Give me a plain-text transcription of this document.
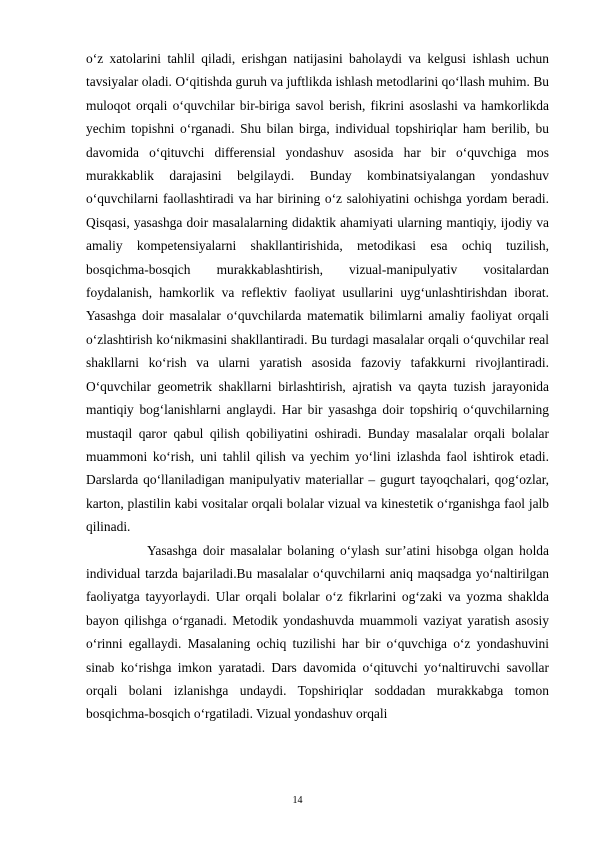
o‘z xatolarini tahlil qiladi, erishgan natijasini baholaydi va kelgusi ishlash uchun tavsiyalar oladi. O‘qitishda guruh va juftlikda ishlash metodlarini qo‘llash muhim. Bu muloqot orqali o‘quvchilar bir-biriga savol berish, fikrini asoslashi va hamkorlikda yechim topishni o‘rganadi. Shu bilan birga, individual topshiriqlar ham berilib, bu davomida o‘qituvchi differensial yondashuv asosida har bir o‘quvchiga mos murakkablik darajasini belgilaydi. Bunday kombinatsiyalangan yondashuv o‘quvchilarni faollashtiradi va har birining o‘z salohiyatini ochishga yordam beradi. Qisqasi, yasashga doir masalalarning didaktik ahamiyati ularning mantiqiy, ijodiy va amaliy kompetensiyalarni shakllantirishida, metodikasi esa ochiq tuzilish, bosqichma-bosqich murakkablashtirish, vizual-manipulyativ vositalardan foydalanish, hamkorlik va reflektiv faoliyat usullarini uyg‘unlashtirishdan iborat. Yasashga doir masalalar o‘quvchilarda matematik bilimlarni amaliy faoliyat orqali o‘zlashtirish ko‘nikmasini shakllantiradi. Bu turdagi masalalar orqali o‘quvchilar real shakllarni ko‘rish va ularni yaratish asosida fazoviy tafakkurni rivojlantiradi. O‘quvchilar geometrik shakllarni birlashtirish, ajratish va qayta tuzish jarayonida mantiqiy bog‘lanishlarni anglaydi. Har bir yasashga doir topshiriq o‘quvchilarning mustaqil qaror qabul qilish qobiliyatini oshiradi. Bunday masalalar orqali bolalar muammoni ko‘rish, uni tahlil qilish va yechim yo‘lini izlashda faol ishtirok etadi. Darslarda qo‘llaniladigan manipulyativ materiallar – gugurt tayoqchalari, qog‘ozlar, karton, plastilin kabi vositalar orqali bolalar vizual va kinestetik o‘rganishga faol jalb qilinadi.

Yasashga doir masalalar bolaning o‘ylash sur’atini hisobga olgan holda individual tarzda bajariladi.Bu masalalar o‘quvchilarni aniq maqsadga yo‘naltirilgan faoliyatga tayyorlaydi. Ular orqali bolalar o‘z fikrlarini og‘zaki va yozma shaklda bayon qilishga o‘rganadi. Metodik yondashuvda muammoli vaziyat yaratish asosiy o‘rinni egallaydi. Masalaning ochiq tuzilishi har bir o‘quvchiga o‘z yondashuvini sinab ko‘rishga imkon yaratadi. Dars davomida o‘qituvchi yo‘naltiruvchi savollar orqali bolani izlanishga undaydi. Topshiriqlar soddadan murakkabga tomon bosqichma-bosqich o‘rgatiladi. Vizual yondashuv orqali

14
